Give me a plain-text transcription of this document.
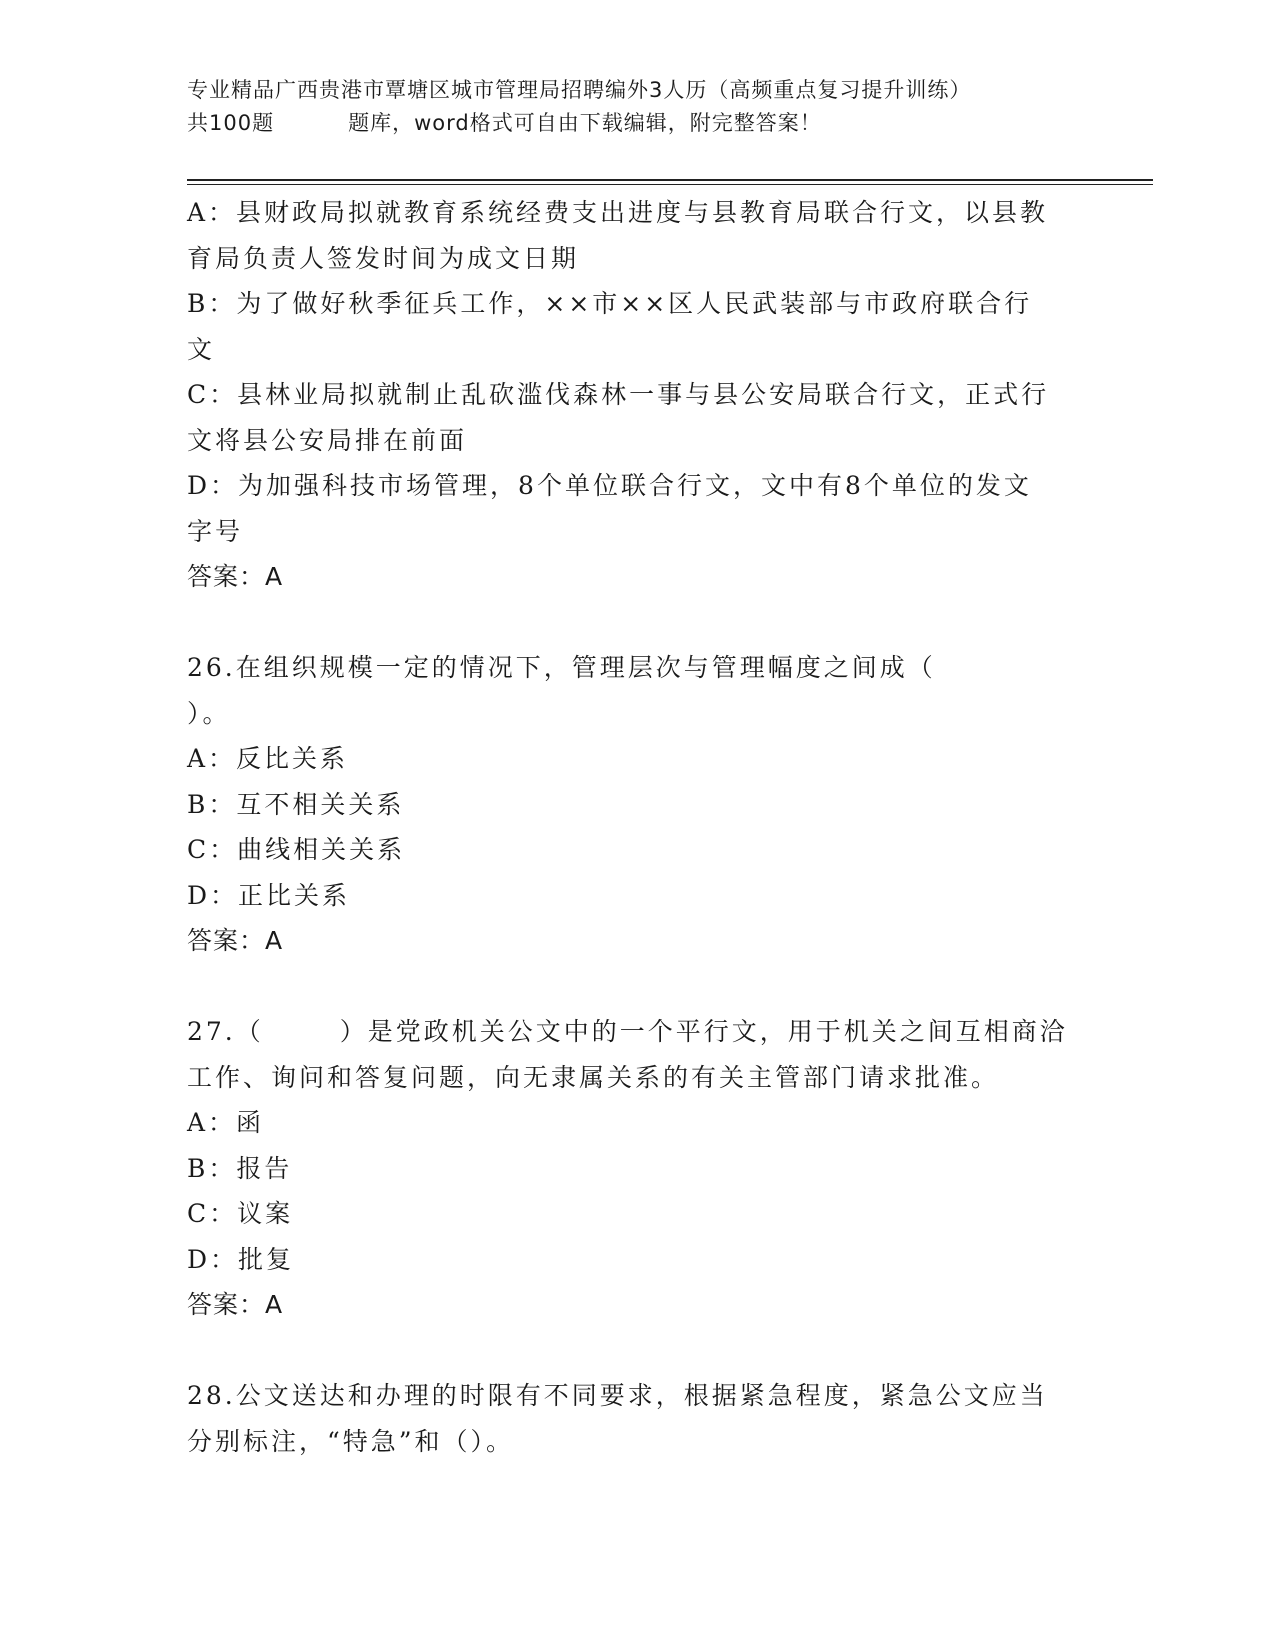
专业精品广西贵港市覃塘区城市管理局招聘编外3人历（高频重点复习提升训练）
共100题	题库，word格式可自由下载编辑，附完整答案！
A：县财政局拟就教育系统经费支出进度与县教育局联合行文，以县教
育局负责人签发时间为成文日期
B：为了做好秋季征兵工作，××市××区人民武装部与市政府联合行
文
C：县林业局拟就制止乱砍滥伐森林一事与县公安局联合行文，正式行
文将县公安局排在前面
D：为加强科技市场管理，8个单位联合行文，文中有8个单位的发文
字号
答案：A
26.在组织规模一定的情况下，管理层次与管理幅度之间成（
）。
A：反比关系
B：互不相关关系
C：曲线相关关系
D：正比关系
答案：A
27.（	）是党政机关公文中的一个平行文，用于机关之间互相商洽
工作、询问和答复问题，向无隶属关系的有关主管部门请求批准。
A：函
B：报告
C：议案
D：批复
答案：A
28.公文送达和办理的时限有不同要求，根据紧急程度，紧急公文应当
分别标注，“特急”和（）。
